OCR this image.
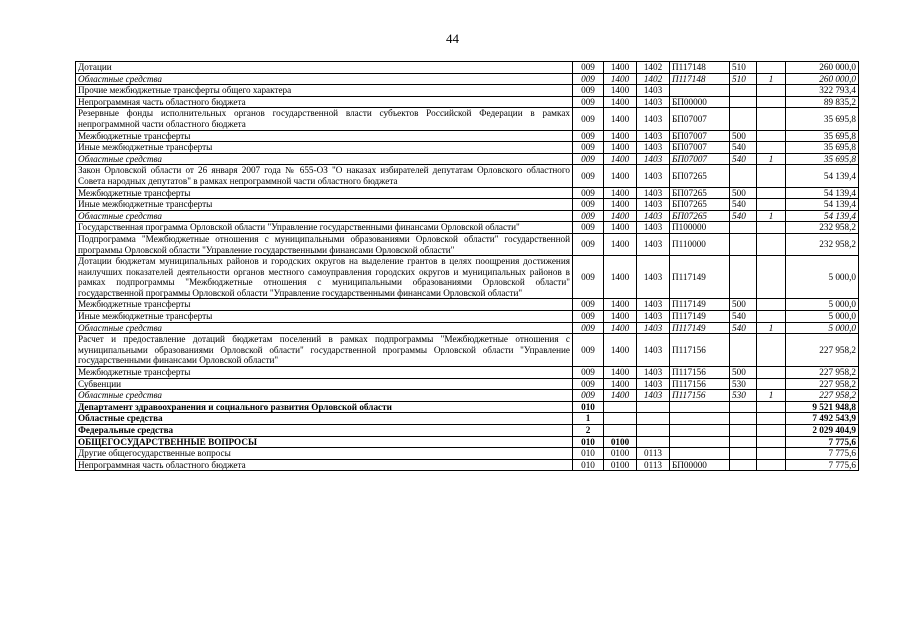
44
Дотации	009	1400	1402	П117148	510		260 000,0
Областные средства	009	1400	1402	П117148	510	1	260 000,0
Прочие межбюджетные трансферты общего характера	009	1400	1403				322 793,4
Непрограммная часть областного бюджета	009	1400	1403	БП00000			89 835,2
Резервные фонды исполнительных органов государственной власти субъектов Российской Федерации в рамках непрограммной части областного бюджета	009	1400	1403	БП07007			35 695,8
Межбюджетные трансферты	009	1400	1403	БП07007	500		35 695,8
Иные межбюджетные трансферты	009	1400	1403	БП07007	540		35 695,8
Областные средства	009	1400	1403	БП07007	540	1	35 695,8
Закон Орловской области от 26 января 2007 года № 655-ОЗ "О наказах избирателей депутатам Орловского областного Совета народных депутатов" в рамках непрограммной части областного бюджета	009	1400	1403	БП07265			54 139,4
Межбюджетные трансферты	009	1400	1403	БП07265	500		54 139,4
Иные межбюджетные трансферты	009	1400	1403	БП07265	540		54 139,4
Областные средства	009	1400	1403	БП07265	540	1	54 139,4
Государственная программа Орловской области "Управление государственными финансами Орловской области"	009	1400	1403	П100000			232 958,2
Подпрограмма "Межбюджетные отношения с муниципальными образованиями Орловской области" государственной программы Орловской области "Управление государственными финансами Орловской области"	009	1400	1403	П110000			232 958,2
Дотации бюджетам муниципальных районов и городских округов на выделение грантов в целях поощрения достижения наилучших показателей деятельности органов местного самоуправления городских округов и муниципальных районов в рамках подпрограммы "Межбюджетные отношения с муниципальными образованиями Орловской области" государственной программы Орловской области "Управление государственными финансами Орловской области"	009	1400	1403	П117149			5 000,0
Межбюджетные трансферты	009	1400	1403	П117149	500		5 000,0
Иные межбюджетные трансферты	009	1400	1403	П117149	540		5 000,0
Областные средства	009	1400	1403	П117149	540	1	5 000,0
Расчет и предоставление дотаций бюджетам поселений в рамках подпрограммы "Межбюджетные отношения с муниципальными образованиями Орловской области" государственной программы Орловской области "Управление государственными финансами Орловской области"	009	1400	1403	П117156			227 958,2
Межбюджетные трансферты	009	1400	1403	П117156	500		227 958,2
Субвенции	009	1400	1403	П117156	530		227 958,2
Областные средства	009	1400	1403	П117156	530	1	227 958,2
Департамент здравоохранения и социального развития Орловской области	010						9 521 948,8
Областные средства	1						7 492 543,9
Федеральные средства	2						2 029 404,9
ОБЩЕГОСУДАРСТВЕННЫЕ ВОПРОСЫ	010	0100					7 775,6
Другие общегосударственные вопросы	010	0100	0113				7 775,6
Непрограммная часть областного бюджета	010	0100	0113	БП00000			7 775,6
